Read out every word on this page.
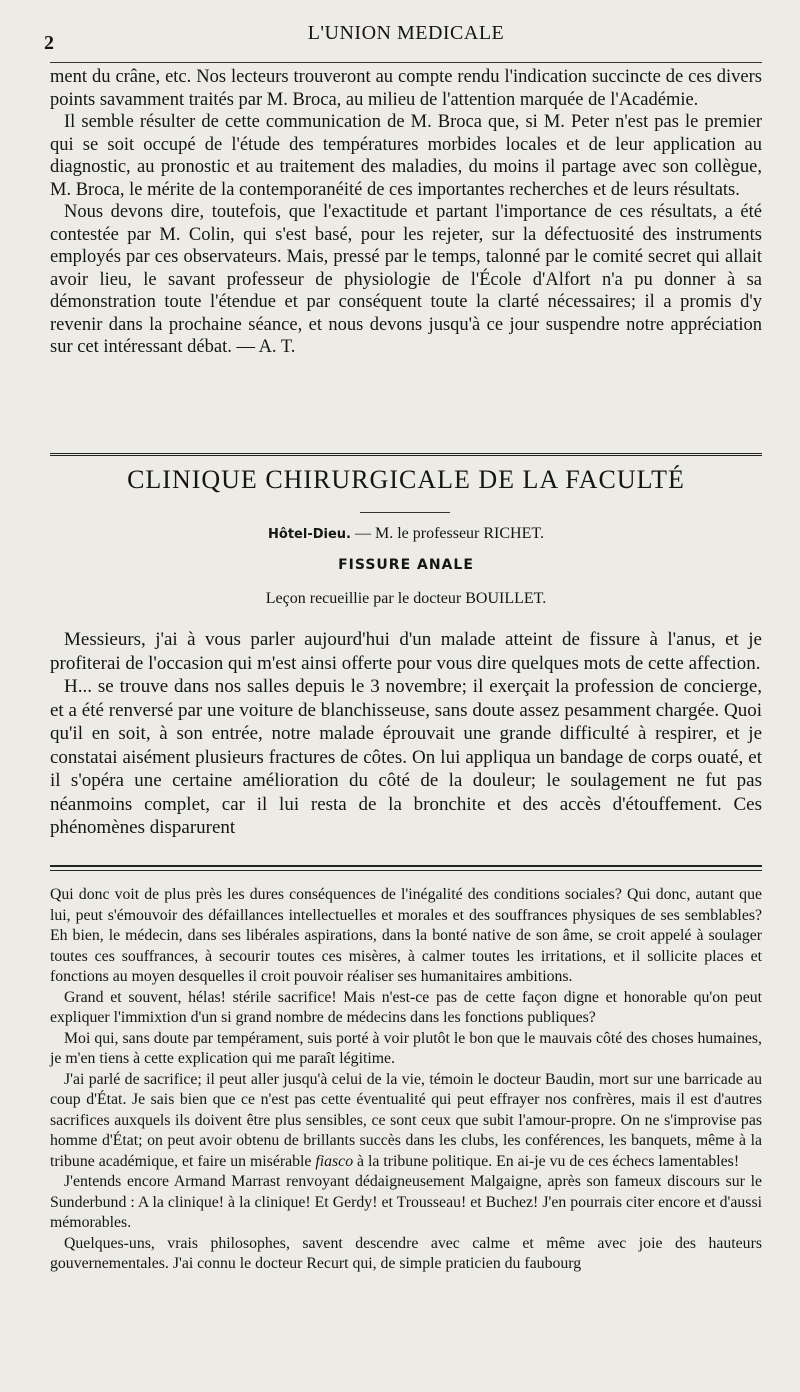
2	L'UNION MEDICALE

ment du crâne, etc. Nos lecteurs trouveront au compte rendu l'indication succincte de ces divers points savamment traités par M. Broca, au milieu de l'attention marquée de l'Académie.

Il semble résulter de cette communication de M. Broca que, si M. Peter n'est pas le premier qui se soit occupé de l'étude des températures morbides locales et de leur application au diagnostic, au pronostic et au traitement des maladies, du moins il partage avec son collègue, M. Broca, le mérite de la contemporanéité de ces importantes recherches et de leurs résultats.

Nous devons dire, toutefois, que l'exactitude et partant l'importance de ces résultats, a été contestée par M. Colin, qui s'est basé, pour les rejeter, sur la défectuosité des instruments employés par ces observateurs. Mais, pressé par le temps, talonné par le comité secret qui allait avoir lieu, le savant professeur de physiologie de l'École d'Alfort n'a pu donner à sa démonstration toute l'étendue et par conséquent toute la clarté nécessaires; il a promis d'y revenir dans la prochaine séance, et nous devons jusqu'à ce jour suspendre notre appréciation sur cet intéressant débat. — A. T.

CLINIQUE CHIRURGICALE DE LA FACULTÉ
Hôtel-Dieu. — M. le professeur RICHET.
FISSURE ANALE
Leçon recueillie par le docteur BOUILLET.

Messieurs, j'ai à vous parler aujourd'hui d'un malade atteint de fissure à l'anus, et je profiterai de l'occasion qui m'est ainsi offerte pour vous dire quelques mots de cette affection.

H... se trouve dans nos salles depuis le 3 novembre; il exerçait la profession de concierge, et a été renversé par une voiture de blanchisseuse, sans doute assez pesamment chargée. Quoi qu'il en soit, à son entrée, notre malade éprouvait une grande difficulté à respirer, et je constatai aisément plusieurs fractures de côtes. On lui appliqua un bandage de corps ouaté, et il s'opéra une certaine amélioration du côté de la douleur; le soulagement ne fut pas néanmoins complet, car il lui resta de la bronchite et des accès d'étouffement. Ces phénomènes disparurent

Qui donc voit de plus près les dures conséquences de l'inégalité des conditions sociales? Qui donc, autant que lui, peut s'émouvoir des défaillances intellectuelles et morales et des souffrances physiques de ses semblables? Eh bien, le médecin, dans ses libérales aspirations, dans la bonté native de son âme, se croit appelé à soulager toutes ces souffrances, à secourir toutes ces misères, à calmer toutes les irritations, et il sollicite places et fonctions au moyen desquelles il croit pouvoir réaliser ses humanitaires ambitions.

Grand et souvent, hélas! stérile sacrifice! Mais n'est-ce pas de cette façon digne et honorable qu'on peut expliquer l'immixtion d'un si grand nombre de médecins dans les fonctions publiques?

Moi qui, sans doute par tempérament, suis porté à voir plutôt le bon que le mauvais côté des choses humaines, je m'en tiens à cette explication qui me paraît légitime.

J'ai parlé de sacrifice; il peut aller jusqu'à celui de la vie, témoin le docteur Baudin, mort sur une barricade au coup d'État. Je sais bien que ce n'est pas cette éventualité qui peut effrayer nos confrères, mais il est d'autres sacrifices auxquels ils doivent être plus sensibles, ce sont ceux que subit l'amour-propre. On ne s'improvise pas homme d'État; on peut avoir obtenu de brillants succès dans les clubs, les conférences, les banquets, même à la tribune académique, et faire un misérable fiasco à la tribune politique. En ai-je vu de ces échecs lamentables!

J'entends encore Armand Marrast renvoyant dédaigneusement Malgaigne, après son fameux discours sur le Sunderbund : A la clinique! à la clinique! Et Gerdy! et Trousseau! et Buchez! J'en pourrais citer encore et d'aussi mémorables.

Quelques-uns, vrais philosophes, savent descendre avec calme et même avec joie des hauteurs gouvernementales. J'ai connu le docteur Recurt qui, de simple praticien du faubourg
